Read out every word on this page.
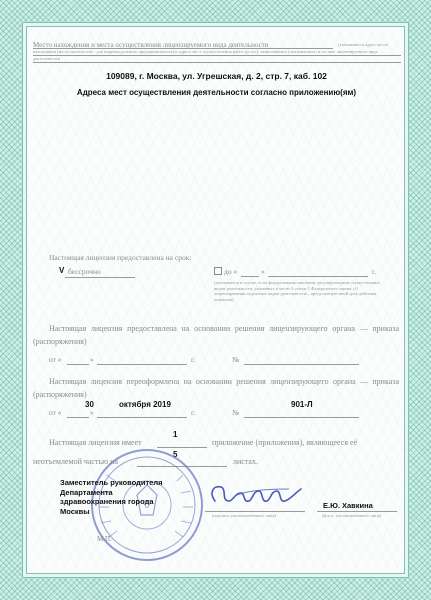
Место нахождения и места осуществления лицензируемого вида деятельности	(указываются адрес места нахождения (место жительства - для индивидуального предпринимателя) и адреса мест осуществления работ (услуг), выполняемых (оказываемых) в составе лицензируемого вида деятельности)
109089, г. Москва, ул. Угрешская, д. 2, стр. 7, каб. 102
Адреса мест осуществления деятельности согласно приложению(ям)
Настоящая лицензия предоставлена на срок:
V бессрочно	до «	»	г.
(указывается в случае, если федеральными законами, регулирующими осуществление видов деятельности, указанных в части 4 статьи 1 Федерального закона «О лицензировании отдельных видов деятельности», предусмотрен иной срок действия лицензии)
Настоящая лицензия предоставлена на основании решения лицензирующего органа — приказа (распоряжения)
от «	»	г.	№
Настоящая лицензия переоформлена на основании решения лицензирующего органа — приказа (распоряжения)
от «
30
»
октября 2019
г.	№
901-Л
1
Настоящая лицензия имеет	приложение (приложения), являющееся её
неотъемлемой частью на
5
листах.
Заместитель руководителя
Департамента
здравоохранения города
Москвы
Е.Ю. Хавкина
(подпись уполномоченного лица)	(ф.и.о. уполномоченного лица)
М.П.
